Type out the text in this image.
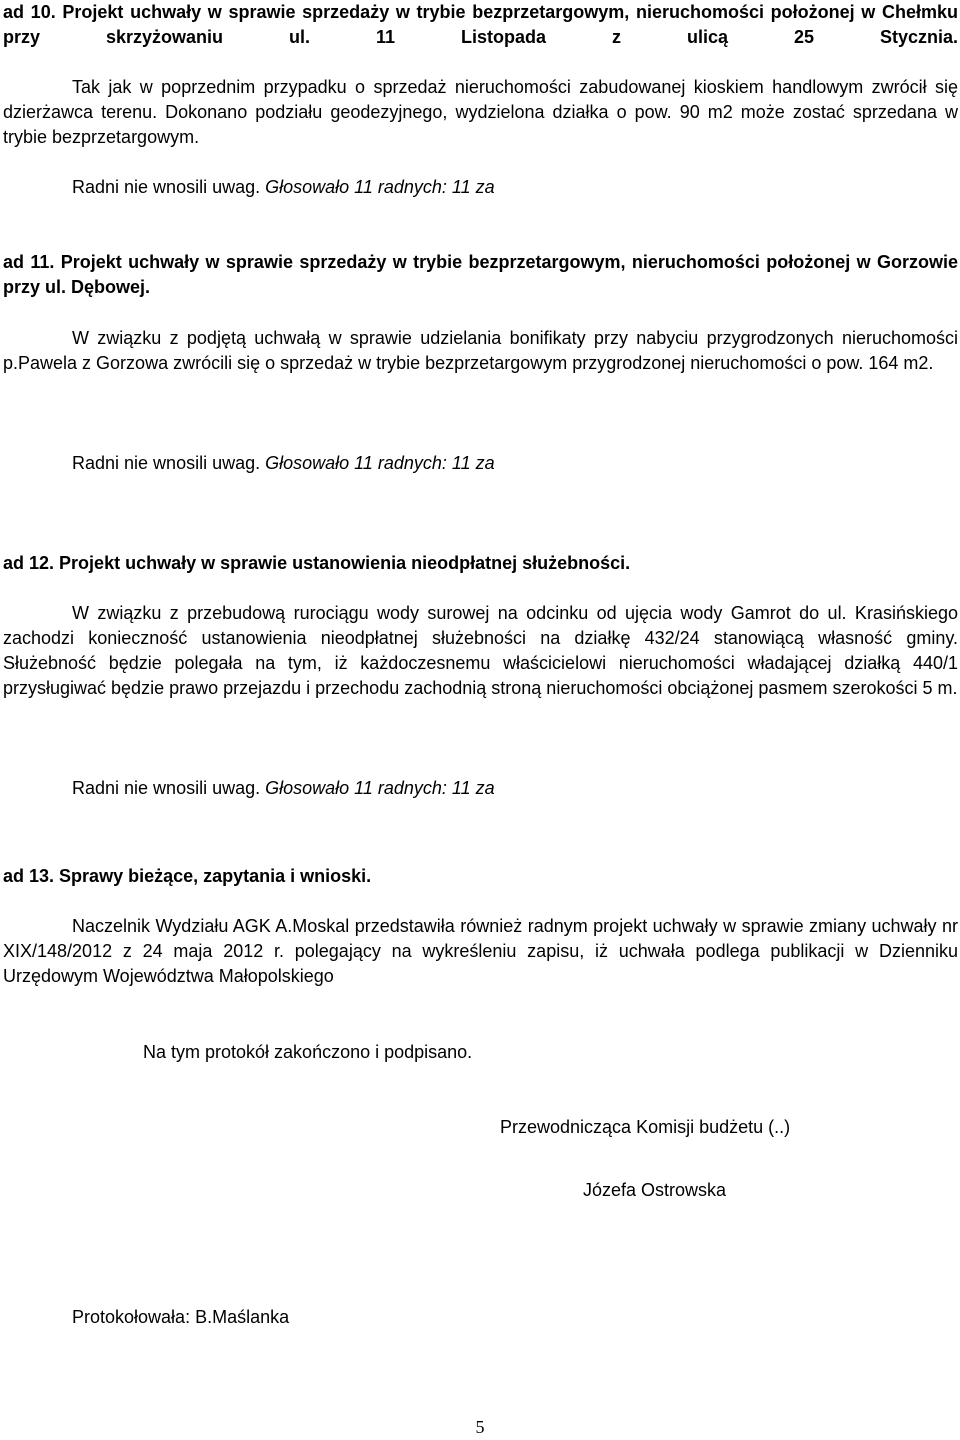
ad 10. Projekt uchwały w sprawie sprzedaży w trybie bezprzetargowym, nieruchomości położonej w Chełmku przy skrzyżowaniu ul. 11 Listopada z ulicą 25 Stycznia.
Tak jak w poprzednim przypadku o sprzedaż nieruchomości zabudowanej kioskiem handlowym zwrócił się dzierżawca terenu. Dokonano podziału geodezyjnego, wydzielona działka o pow. 90 m2 może zostać sprzedana w trybie bezprzetargowym.
Radni nie wnosili uwag. Głosowało 11 radnych: 11 za
ad 11. Projekt uchwały w sprawie sprzedaży w trybie bezprzetargowym, nieruchomości położonej w Gorzowie przy ul. Dębowej.
W związku z podjętą uchwałą w sprawie udzielania bonifikaty przy nabyciu przygrodzonych nieruchomości p.Pawela z Gorzowa zwrócili się o sprzedaż w trybie bezprzetargowym przygrodzonej nieruchomości o pow. 164 m2.
Radni nie wnosili uwag. Głosowało 11 radnych: 11 za
ad 12. Projekt uchwały w sprawie ustanowienia nieodpłatnej służebności.
W związku z przebudową rurociągu wody surowej na odcinku od ujęcia wody Gamrot do ul. Krasińskiego zachodzi konieczność ustanowienia nieodpłatnej służebności na działkę 432/24 stanowiącą własność gminy. Służebność będzie polegała na tym, iż każdoczesnemu właścicielowi nieruchomości władającej działką 440/1 przysługiwać będzie prawo przejazdu i przechodu zachodnią stroną nieruchomości obciążonej pasmem szerokości 5 m.
Radni nie wnosili uwag. Głosowało 11 radnych: 11 za
ad 13. Sprawy bieżące, zapytania i wnioski.
Naczelnik Wydziału AGK A.Moskal przedstawiła również radnym projekt uchwały w sprawie zmiany uchwały nr XIX/148/2012 z 24 maja 2012 r. polegający na wykreśleniu zapisu, iż uchwała podlega publikacji w Dzienniku Urzędowym Województwa Małopolskiego
Na tym protokół zakończono i podpisano.
Przewodnicząca Komisji budżetu (..)
Józefa Ostrowska
Protokołowała: B.Maślanka
5
